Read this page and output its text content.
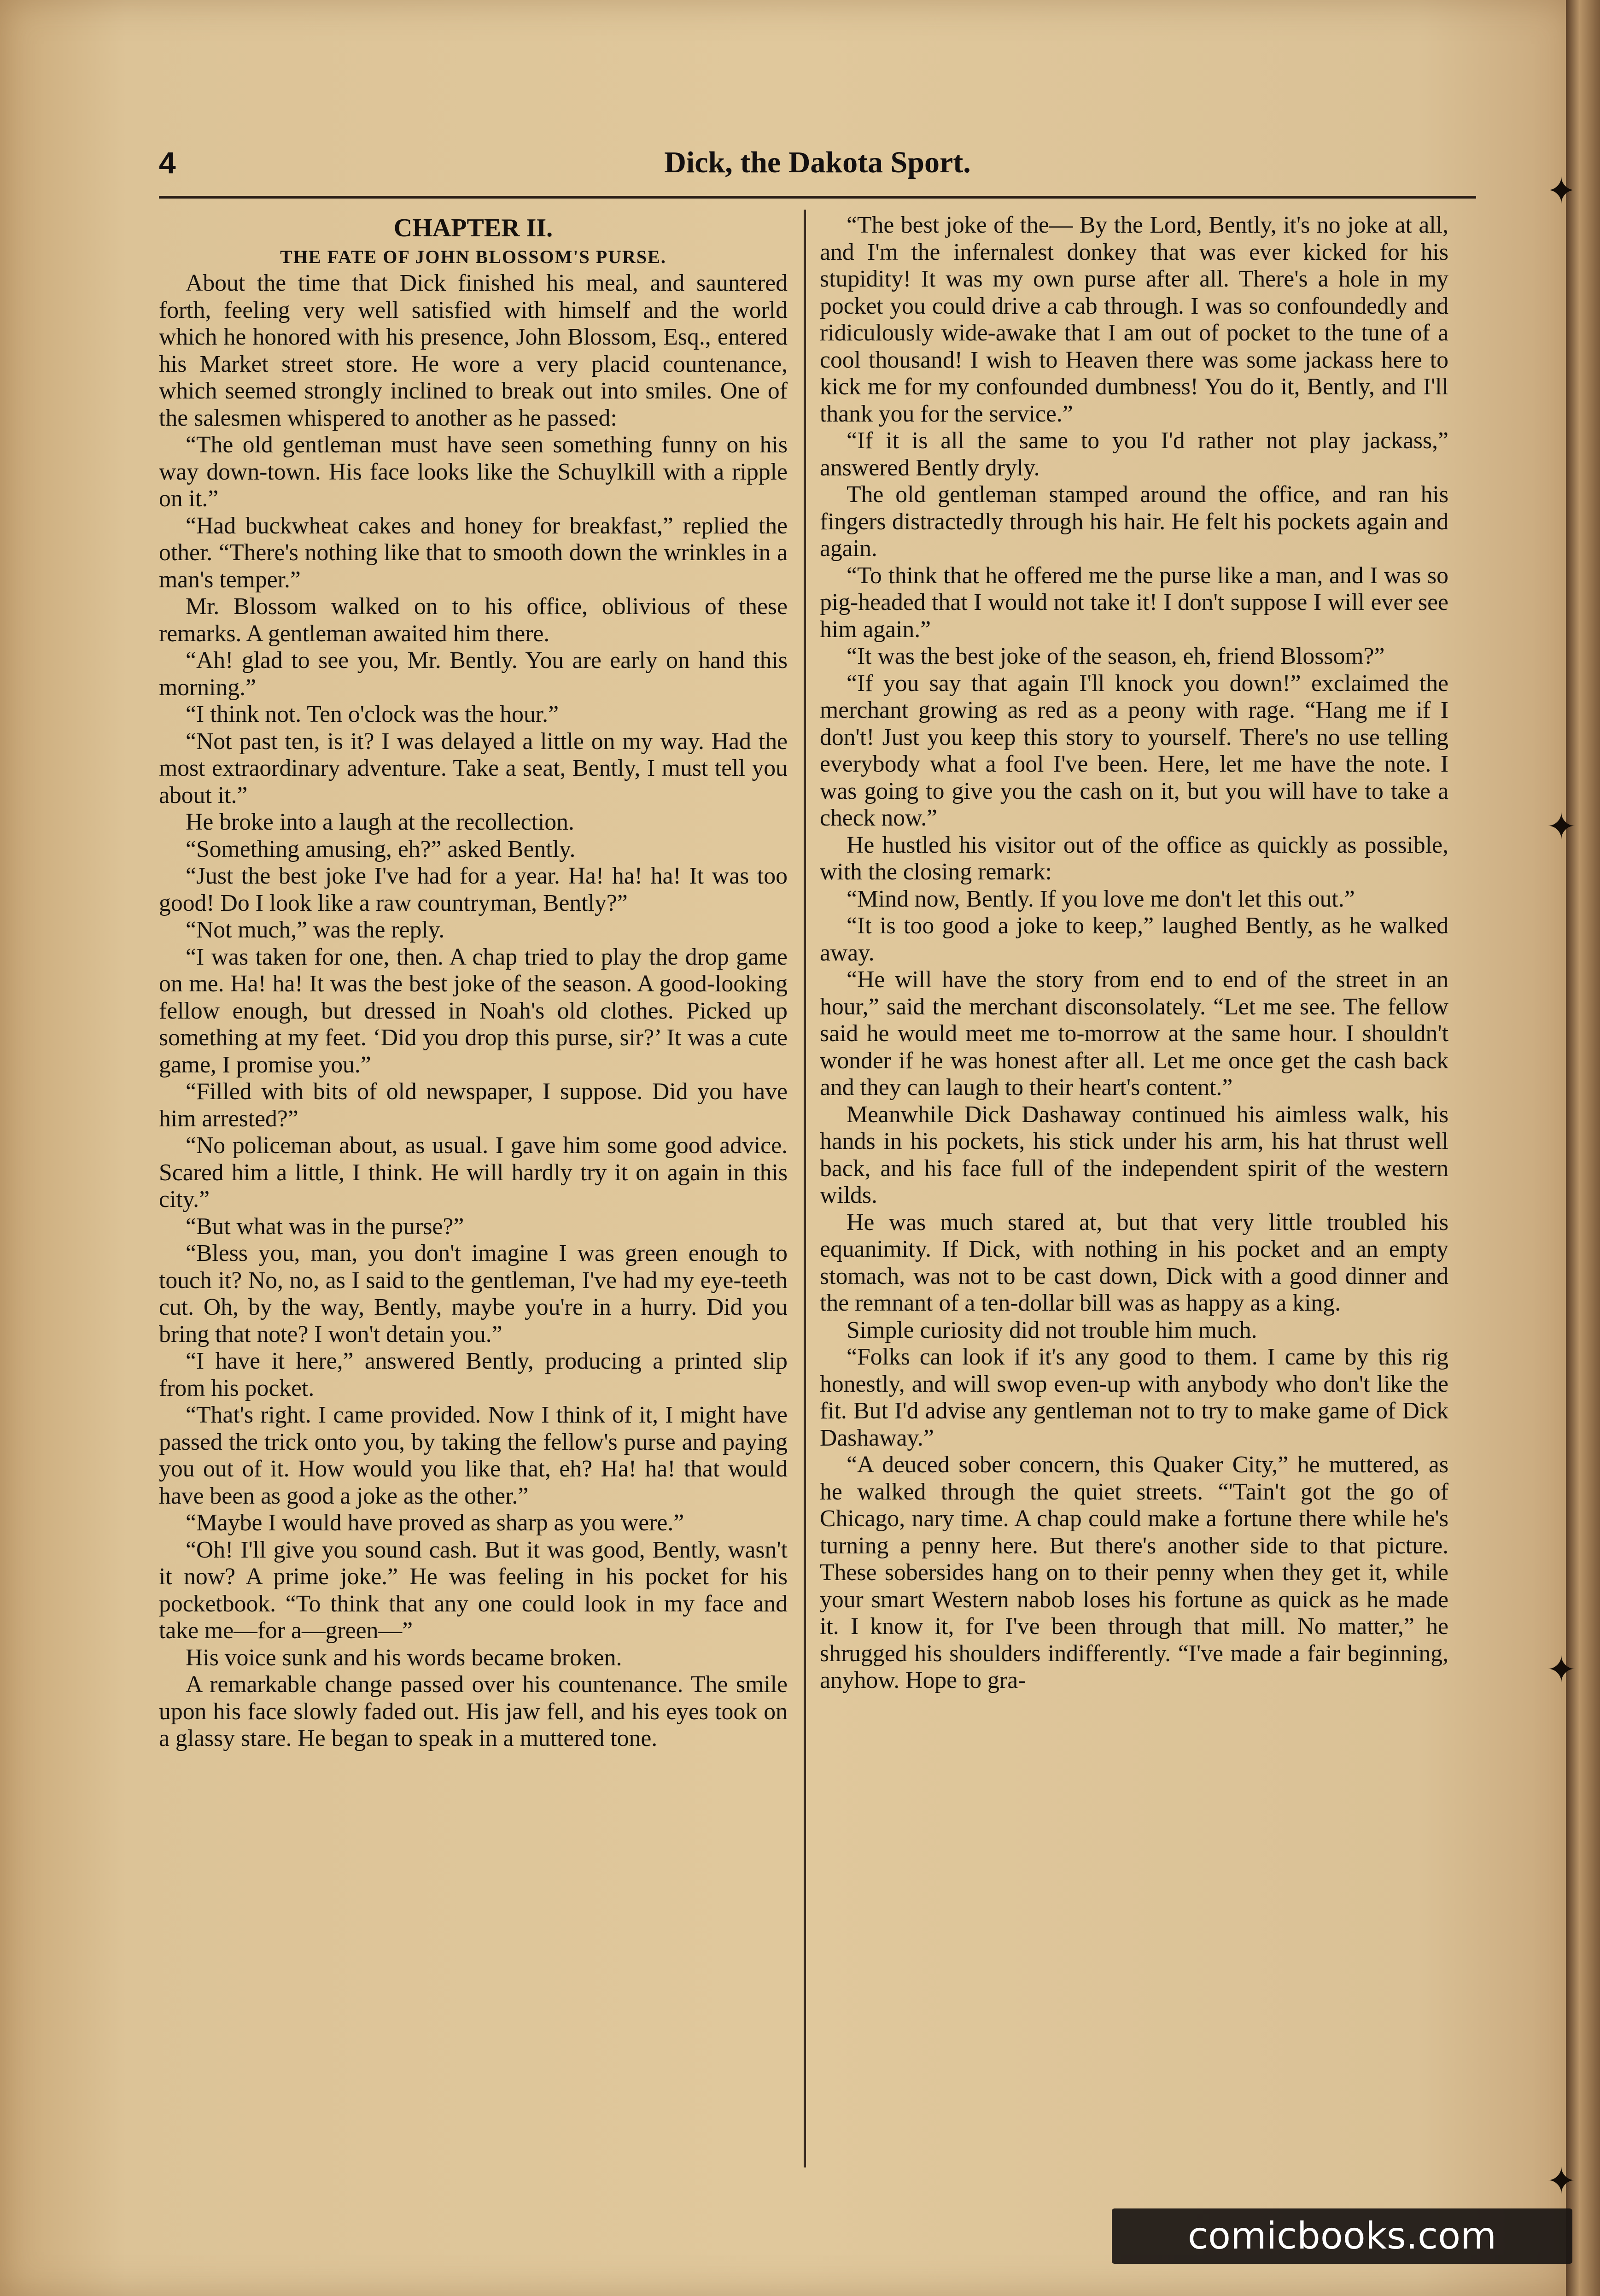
✦
✦
✦
✦
4	Dick, the Dakota Sport.
CHAPTER II.
THE FATE OF JOHN BLOSSOM'S PURSE.

About the time that Dick finished his meal, and sauntered forth, feeling very well satisfied with himself and the world which he honored with his presence, John Blossom, Esq., entered his Market street store. He wore a very placid countenance, which seemed strongly inclined to break out into smiles. One of the salesmen whispered to another as he passed:

“The old gentleman must have seen something funny on his way down-town. His face looks like the Schuylkill with a ripple on it.”

“Had buckwheat cakes and honey for breakfast,” replied the other. “There's nothing like that to smooth down the wrinkles in a man's temper.”

Mr. Blossom walked on to his office, oblivious of these remarks. A gentleman awaited him there.

“Ah! glad to see you, Mr. Bently. You are early on hand this morning.”

“I think not. Ten o'clock was the hour.”

“Not past ten, is it? I was delayed a little on my way. Had the most extraordinary adventure. Take a seat, Bently, I must tell you about it.”

He broke into a laugh at the recollection.

“Something amusing, eh?” asked Bently.

“Just the best joke I've had for a year. Ha! ha! ha! It was too good! Do I look like a raw countryman, Bently?”

“Not much,” was the reply.

“I was taken for one, then. A chap tried to play the drop game on me. Ha! ha! It was the best joke of the season. A good-looking fellow enough, but dressed in Noah's old clothes. Picked up something at my feet. ‘Did you drop this purse, sir?’ It was a cute game, I promise you.”

“Filled with bits of old newspaper, I suppose. Did you have him arrested?”

“No policeman about, as usual. I gave him some good advice. Scared him a little, I think. He will hardly try it on again in this city.”

“But what was in the purse?”

“Bless you, man, you don't imagine I was green enough to touch it? No, no, as I said to the gentleman, I've had my eye-teeth cut. Oh, by the way, Bently, maybe you're in a hurry. Did you bring that note? I won't detain you.”

“I have it here,” answered Bently, producing a printed slip from his pocket.

“That's right. I came provided. Now I think of it, I might have passed the trick onto you, by taking the fellow's purse and paying you out of it. How would you like that, eh? Ha! ha! that would have been as good a joke as the other.”

“Maybe I would have proved as sharp as you were.”

“Oh! I'll give you sound cash. But it was good, Bently, wasn't it now? A prime joke.” He was feeling in his pocket for his pocketbook. “To think that any one could look in my face and take me—for a—green—”

His voice sunk and his words became broken.

A remarkable change passed over his countenance. The smile upon his face slowly faded out. His jaw fell, and his eyes took on a glassy stare. He began to speak in a muttered tone.

“The best joke of the— By the Lord, Bently, it's no joke at all, and I'm the infernalest donkey that was ever kicked for his stupidity! It was my own purse after all. There's a hole in my pocket you could drive a cab through. I was so confoundedly and ridiculously wide-awake that I am out of pocket to the tune of a cool thousand! I wish to Heaven there was some jackass here to kick me for my confounded dumbness! You do it, Bently, and I'll thank you for the service.”

“If it is all the same to you I'd rather not play jackass,” answered Bently dryly.

The old gentleman stamped around the office, and ran his fingers distractedly through his hair. He felt his pockets again and again.

“To think that he offered me the purse like a man, and I was so pig-headed that I would not take it! I don't suppose I will ever see him again.”

“It was the best joke of the season, eh, friend Blossom?”

“If you say that again I'll knock you down!” exclaimed the merchant growing as red as a peony with rage. “Hang me if I don't! Just you keep this story to yourself. There's no use telling everybody what a fool I've been. Here, let me have the note. I was going to give you the cash on it, but you will have to take a check now.”

He hustled his visitor out of the office as quickly as possible, with the closing remark:

“Mind now, Bently. If you love me don't let this out.”

“It is too good a joke to keep,” laughed Bently, as he walked away.

“He will have the story from end to end of the street in an hour,” said the merchant disconsolately. “Let me see. The fellow said he would meet me to-morrow at the same hour. I shouldn't wonder if he was honest after all. Let me once get the cash back and they can laugh to their heart's content.”

Meanwhile Dick Dashaway continued his aimless walk, his hands in his pockets, his stick under his arm, his hat thrust well back, and his face full of the independent spirit of the western wilds.

He was much stared at, but that very little troubled his equanimity. If Dick, with nothing in his pocket and an empty stomach, was not to be cast down, Dick with a good dinner and the remnant of a ten-dollar bill was as happy as a king.

Simple curiosity did not trouble him much.

“Folks can look if it's any good to them. I came by this rig honestly, and will swop even-up with anybody who don't like the fit. But I'd advise any gentleman not to try to make game of Dick Dashaway.”

“A deuced sober concern, this Quaker City,” he muttered, as he walked through the quiet streets. “'Tain't got the go of Chicago, nary time. A chap could make a fortune there while he's turning a penny here. But there's another side to that picture. These sobersides hang on to their penny when they get it, while your smart Western nabob loses his fortune as quick as he made it. I know it, for I've been through that mill. No matter,” he shrugged his shoulders indifferently. “I've made a fair beginning, anyhow. Hope to gra-

comicbooks.com
